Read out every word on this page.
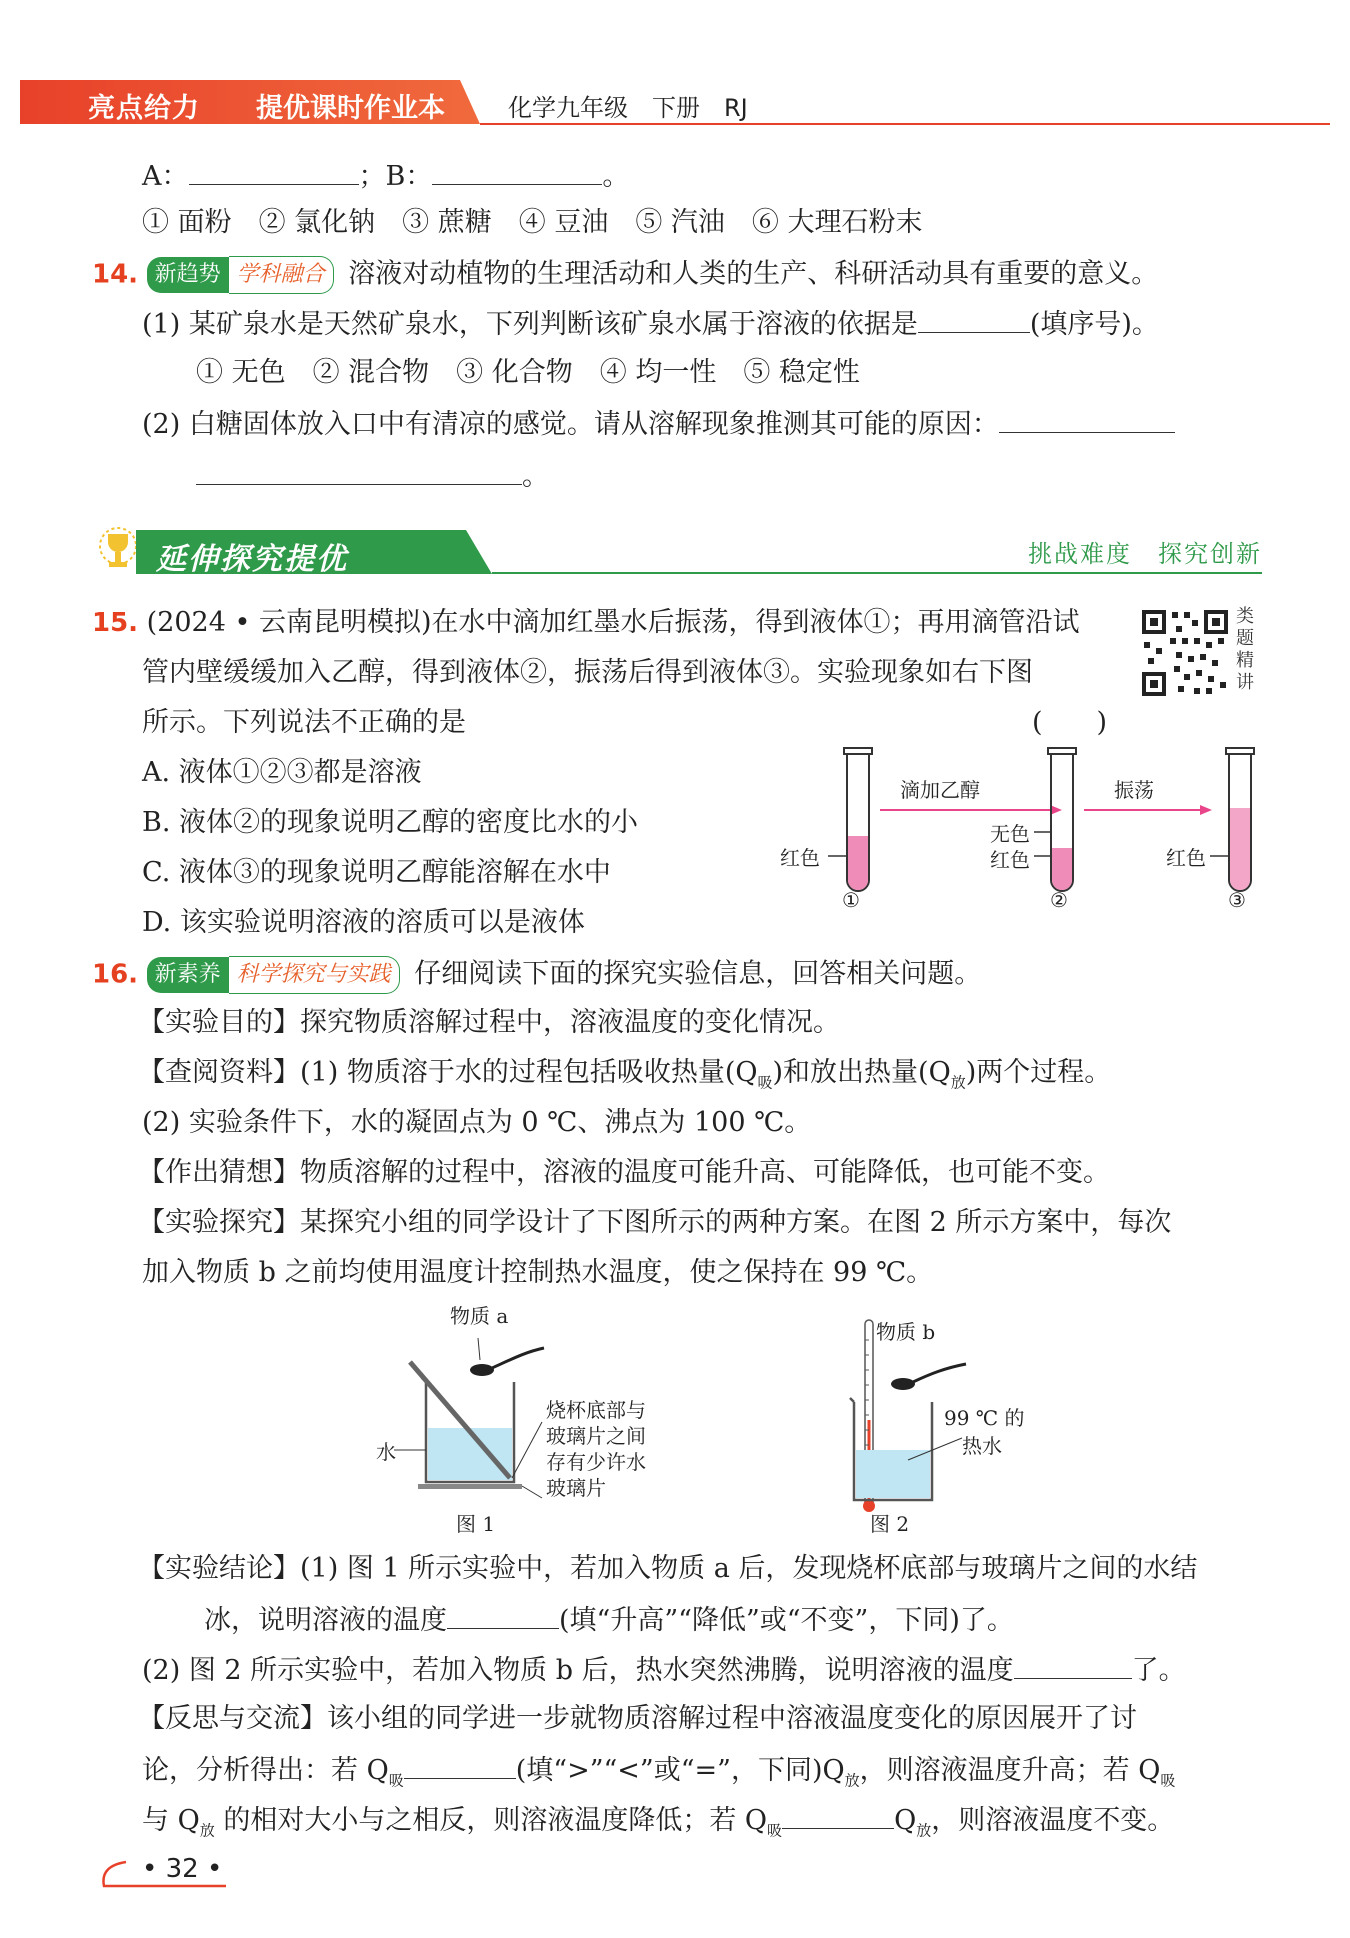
亮点给力 提优课时作业本	化学九年级　下册　RJ
A：	；B：	。
① 面粉　② 氯化钠　③ 蔗糖　④ 豆油　⑤ 汽油　⑥ 大理石粉末
14. 新趋势 学科融合 溶液对动植物的生理活动和人类的生产、科研活动具有重要的意义。
(1) 某矿泉水是天然矿泉水，下列判断该矿泉水属于溶液的依据是	(填序号)。
① 无色　② 混合物　③ 化合物　④ 均一性　⑤ 稳定性
(2) 白糖固体放入口中有清凉的感觉。请从溶解现象推测其可能的原因：
。
延伸探究提优	挑战难度　探究创新
15. (2024 • 云南昆明模拟)在水中滴加红墨水后振荡，得到液体①；再用滴管沿试
管内壁缓缓加入乙醇，得到液体②，振荡后得到液体③。实验现象如右下图
所示。下列说法不正确的是	(　　)
类题精讲
A. 液体①②③都是溶液
B. 液体②的现象说明乙醇的密度比水的小
C. 液体③的现象说明乙醇能溶解在水中
D. 该实验说明溶液的溶质可以是液体
滴加乙醇	振荡
红色
无色
红色	红色
①	②	③
16. 新素养 科学探究与实践 仔细阅读下面的探究实验信息，回答相关问题。
【实验目的】探究物质溶解过程中，溶液温度的变化情况。
【查阅资料】(1) 物质溶于水的过程包括吸收热量$(Q_吸)$和放出热量$(Q_放)$两个过程。
(2) 实验条件下，水的凝固点为 0 ℃、沸点为 100 ℃。
【作出猜想】物质溶解的过程中，溶液的温度可能升高、可能降低，也可能不变。
【实验探究】某探究小组的同学设计了下图所示的两种方案。在图 2 所示方案中，每次
加入物质 b 之前均使用温度计控制热水温度，使之保持在 99 ℃。
物质 a
水
烧杯底部与
玻璃片之间
存有少许水
玻璃片
图 1
物质 b
99 ℃ 的
热水
图 2
【实验结论】(1) 图 1 所示实验中，若加入物质 a 后，发现烧杯底部与玻璃片之间的水结
冰，说明溶液的温度	(填“升高”“降低”或“不变”，下同)了。
(2) 图 2 所示实验中，若加入物质 b 后，热水突然沸腾，说明溶液的温度	了。
【反思与交流】该小组的同学进一步就物质溶解过程中溶液温度变化的原因展开了讨
论，分析得出：若 $Q_吸$	(填“>”“<”或“=”，下同)$Q_放$，则溶液温度升高；若 $Q_吸$
与 $Q_放$ 的相对大小与之相反，则溶液温度降低；若 $Q_吸$	$Q_放$，则溶液温度不变。
• 32 •
